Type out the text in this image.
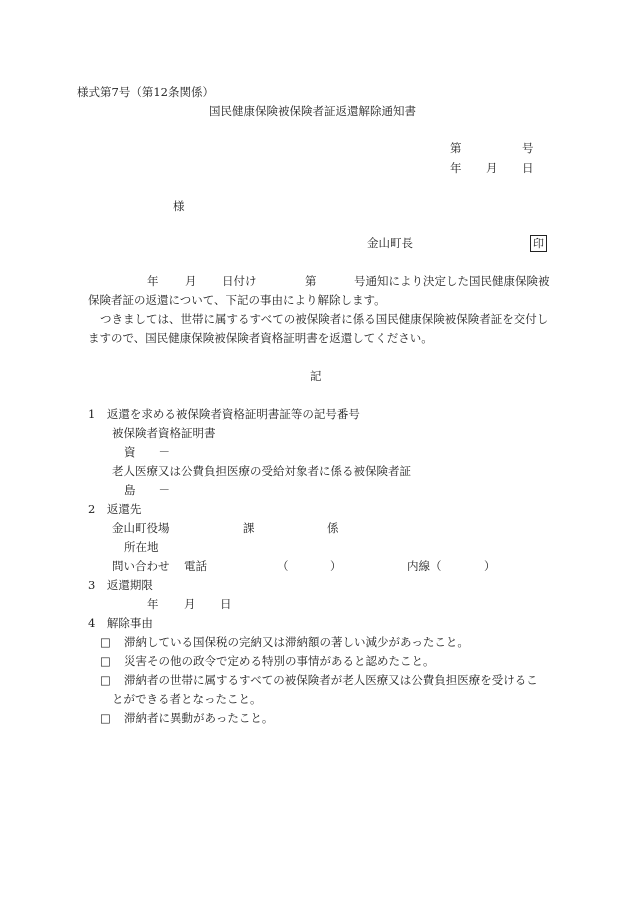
様式第7号（第12条関係）
国民健康保険被保険者証返還解除通知書
第	号
年 月 日
様
金山町長	印
年 月 日付け	第	号通知により決定した国民健康保険被
保険者証の返還について、下記の事由により解除します。
つきましては、世帯に属するすべての被保険者に係る国民健康保険被保険者証を交付し
ますので、国民健康保険被保険者資格証明書を返還してください。
記
1　返還を求める被保険者資格証明書証等の記号番号
被保険者資格証明書
資　　－
老人医療又は公費負担医療の受給対象者に係る被保険者証
島　　－
2　返還先
金山町役場	課	係
所在地
問い合わせ 電話	（	）	内線（	）
3　返還期限
年 月 日
4　解除事由
□ 滞納している国保税の完納又は滞納額の著しい減少があったこと。
□ 災害その他の政令で定める特別の事情があると認めたこと。
□ 滞納者の世帯に属するすべての被保険者が老人医療又は公費負担医療を受けるこ
とができる者となったこと。
□ 滞納者に異動があったこと。
